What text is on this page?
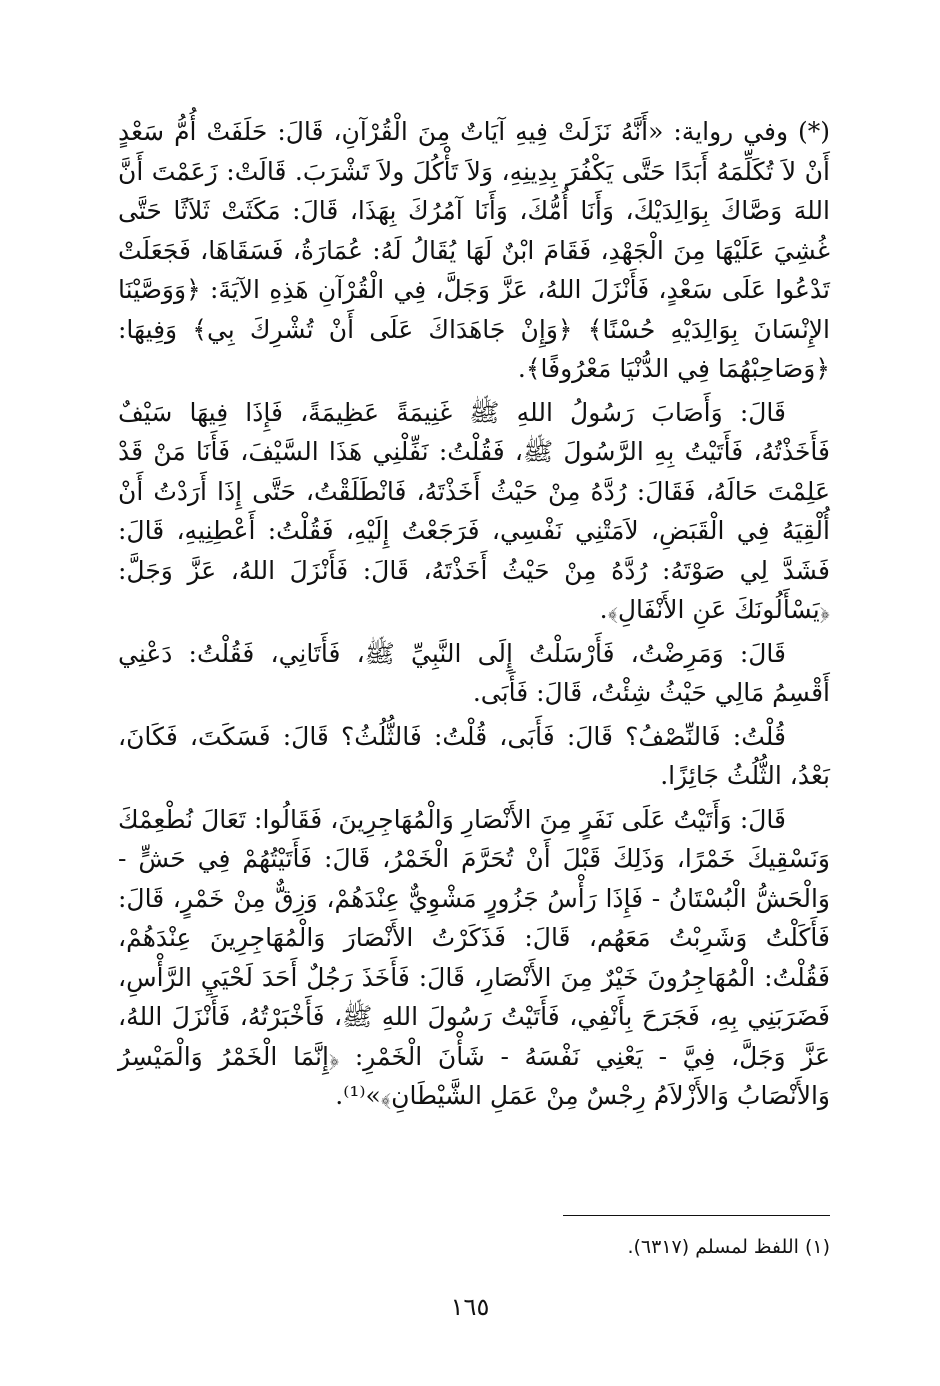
(*) وفي رواية: «أَنَّهُ نَزَلَتْ فِيهِ آيَاتٌ مِنَ الْقُرْآنِ، قَالَ: حَلَفَتْ أُمُّ سَعْدٍ أَنْ لاَ تُكَلِّمَهُ أَبَدًا حَتَّى يَكْفُرَ بِدِينِهِ، وَلاَ تَأْكُلَ ولاَ تَشْرَبَ. قَالَتْ: زَعَمْتَ أَنَّ اللهَ وَصَّاكَ بِوَالِدَيْكَ، وَأَنَا أُمُّكَ، وَأَنَا آمُرُكَ بِهَذَا، قَالَ: مَكَثَتْ ثَلاَثًا حَتَّى غُشِيَ عَلَيْهَا مِنَ الْجَهْدِ، فَقَامَ ابْنٌ لَهَا يُقَالُ لَهُ: عُمَارَةُ، فَسَقَاهَا، فَجَعَلَتْ تَدْعُوا عَلَى سَعْدٍ، فَأَنْزَلَ اللهُ، عَزَّ وَجَلَّ، فِي الْقُرْآنِ هَذِهِ الآيَةَ: ﴿وَوَصَّيْنَا الإِنْسَانَ بِوَالِدَيْهِ حُسْنًا﴾ ﴿وَإِنْ جَاهَدَاكَ عَلَى أَنْ تُشْرِكَ بِي﴾ وَفِيهَا: ﴿وَصَاحِبْهُمَا فِي الدُّنْيَا مَعْرُوفًا﴾.

قَالَ: وَأَصَابَ رَسُولُ اللهِ ﷺ غَنِيمَةً عَظِيمَةً، فَإِذَا فِيهَا سَيْفٌ فَأَخَذْتُهُ، فَأَتَيْتُ بِهِ الرَّسُولَ ﷺ، فَقُلْتُ: نَفِّلْنِي هَذَا السَّيْفَ، فَأَنَا مَنْ قَدْ عَلِمْتَ حَالَهُ، فَقَالَ: رُدَّهُ مِنْ حَيْثُ أَخَذْتَهُ، فَانْطَلَقْتُ، حَتَّى إِذَا أَرَدْتُ أَنْ أُلْقِيَهُ فِي الْقَبَضِ، لاَمَتْنِي نَفْسِي، فَرَجَعْتُ إِلَيْهِ، فَقُلْتُ: أَعْطِنِيهِ، قَالَ: فَشَدَّ لِي صَوْتَهُ: رُدَّهُ مِنْ حَيْثُ أَخَذْتَهُ، قَالَ: فَأَنْزَلَ اللهُ، عَزَّ وَجَلَّ: ﴿يَسْأَلُونَكَ عَنِ الأَنْفَالِ﴾.

قَالَ: وَمَرِضْتُ، فَأَرْسَلْتُ إِلَى النَّبِيِّ ﷺ، فَأَتَانِي، فَقُلْتُ: دَعْنِي أَقْسِمُ مَالِي حَيْثُ شِئْتُ، قَالَ: فَأَبَى.

قُلْتُ: فَالنِّصْفُ؟ قَالَ: فَأَبَى، قُلْتُ: فَالثُّلُثُ؟ قَالَ: فَسَكَتَ، فَكَانَ، بَعْدُ، الثُّلُثُ جَائِزًا.

قَالَ: وَأَتَيْتُ عَلَى نَفَرٍ مِنَ الأَنْصَارِ وَالْمُهَاجِرِينَ، فَقَالُوا: تَعَالَ نُطْعِمْكَ وَنَسْقِيكَ خَمْرًا، وَذَلِكَ قَبْلَ أَنْ تُحَرَّمَ الْخَمْرُ، قَالَ: فَأَتَيْتُهُمْ فِي حَشٍّ - وَالْحَشُّ الْبُسْتَانُ - فَإِذَا رَأْسُ جَزُورٍ مَشْوِيٌّ عِنْدَهُمْ، وَزِقٌّ مِنْ خَمْرٍ، قَالَ: فَأَكَلْتُ وَشَرِبْتُ مَعَهُم، قَالَ: فَذَكَرْتُ الأَنْصَارَ وَالْمُهَاجِرِينَ عِنْدَهُمْ، فَقُلْتُ: الْمُهَاجِرُونَ خَيْرٌ مِنَ الأَنْصَارِ، قَالَ: فَأَخَذَ رَجُلٌ أَحَدَ لَحْيَيِ الرَّأْسِ، فَضَرَبَنِي بِهِ، فَجَرَحَ بِأَنْفِي، فَأَتَيْتُ رَسُولَ اللهِ ﷺ، فَأَخْبَرْتُهُ، فَأَنْزَلَ اللهُ، عَزَّ وَجَلَّ، فِيَّ - يَعْنِي نَفْسَهُ - شَأْنَ الْخَمْرِ: ﴿إِنَّمَا الْخَمْرُ وَالْمَيْسِرُ وَالأَنْصَابُ وَالأَزْلاَمُ رِجْسٌ مِنْ عَمَلِ الشَّيْطَانِ﴾»⁽¹⁾.

(١) اللفظ لمسلم (٦٣١٧).
١٦٥
